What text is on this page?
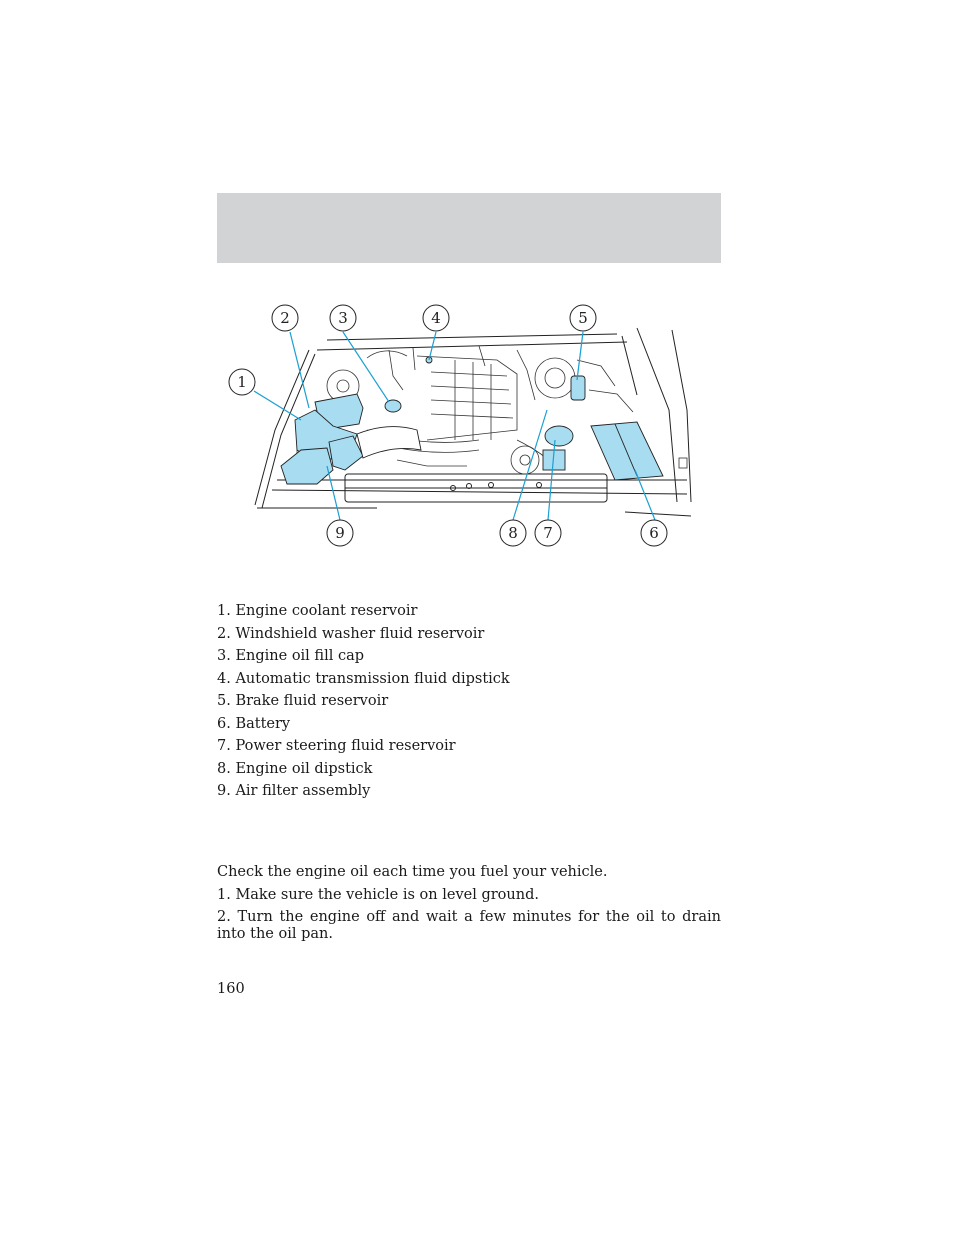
1
2	3	4	5
6
7
8
9
1. Engine coolant reservoir
2. Windshield washer fluid reservoir
3. Engine oil fill cap
4. Automatic transmission fluid dipstick
5. Brake fluid reservoir
6. Battery
7. Power steering fluid reservoir
8. Engine oil dipstick
9. Air filter assembly

Check the engine oil each time you fuel your vehicle.

1. Make sure the vehicle is on level ground.

2. Turn the engine off and wait a few minutes for the oil to drain into the oil pan.

160
